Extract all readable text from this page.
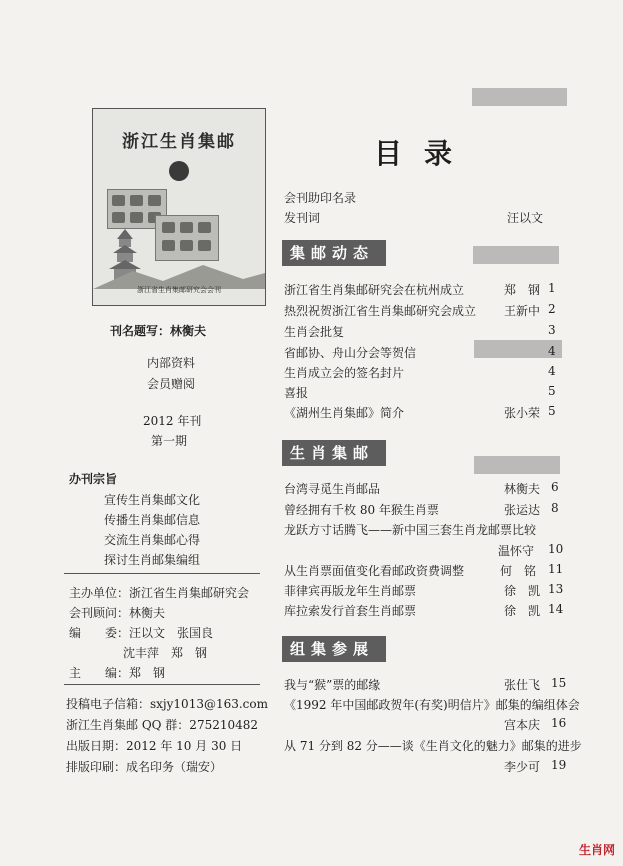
浙江生肖集邮
浙江省生肖集邮研究会会刊
刊名题写：林衡夫
内部资料
会员赠阅
2012 年刊
第一期
办刊宗旨
宣传生肖集邮文化
传播生肖集邮信息
交流生肖集邮心得
探讨生肖邮集编组
主办单位：浙江省生肖集邮研究会
会刊顾问：林衡夫
编　　委：汪以文　张国良
沈丰萍　郑　钢
主　　编：郑　钢
投稿电子信箱：sxjy1013@163.com
浙江生肖集邮 QQ 群：275210482
出版日期：2012 年 10 月 30 日
排版印刷：成名印务（瑞安）
目录
会刊助印名录
发刊词	汪以文
集邮动态
浙江省生肖集邮研究会在杭州成立	郑　钢 1
热烈祝贺浙江省生肖集邮研究会成立 王新中 2
生肖会批复	3
省邮协、舟山分会等贺信	4
生肖成立会的签名封片	4
喜报	5
《湖州生肖集邮》简介	张小荣 5
生肖集邮
台湾寻觅生肖邮品	林衡夫 6
曾经拥有千枚 80 年猴生肖票	张运达 8
龙跃方寸话腾飞——新中国三套生肖龙邮票比较
温怀守 10
从生肖票面值变化看邮政资费调整	何　铭 11
菲律宾再版龙年生肖邮票	徐　凯 13
库拉索发行首套生肖邮票	徐　凯 14
组集参展
我与“猴”票的邮缘	张仕飞 15
《1992 年中国邮政贺年(有奖)明信片》邮集的编组体会
宫本庆 16
从 71 分到 82 分——谈《生肖文化的魅力》邮集的进步
李少可 19
生肖网
